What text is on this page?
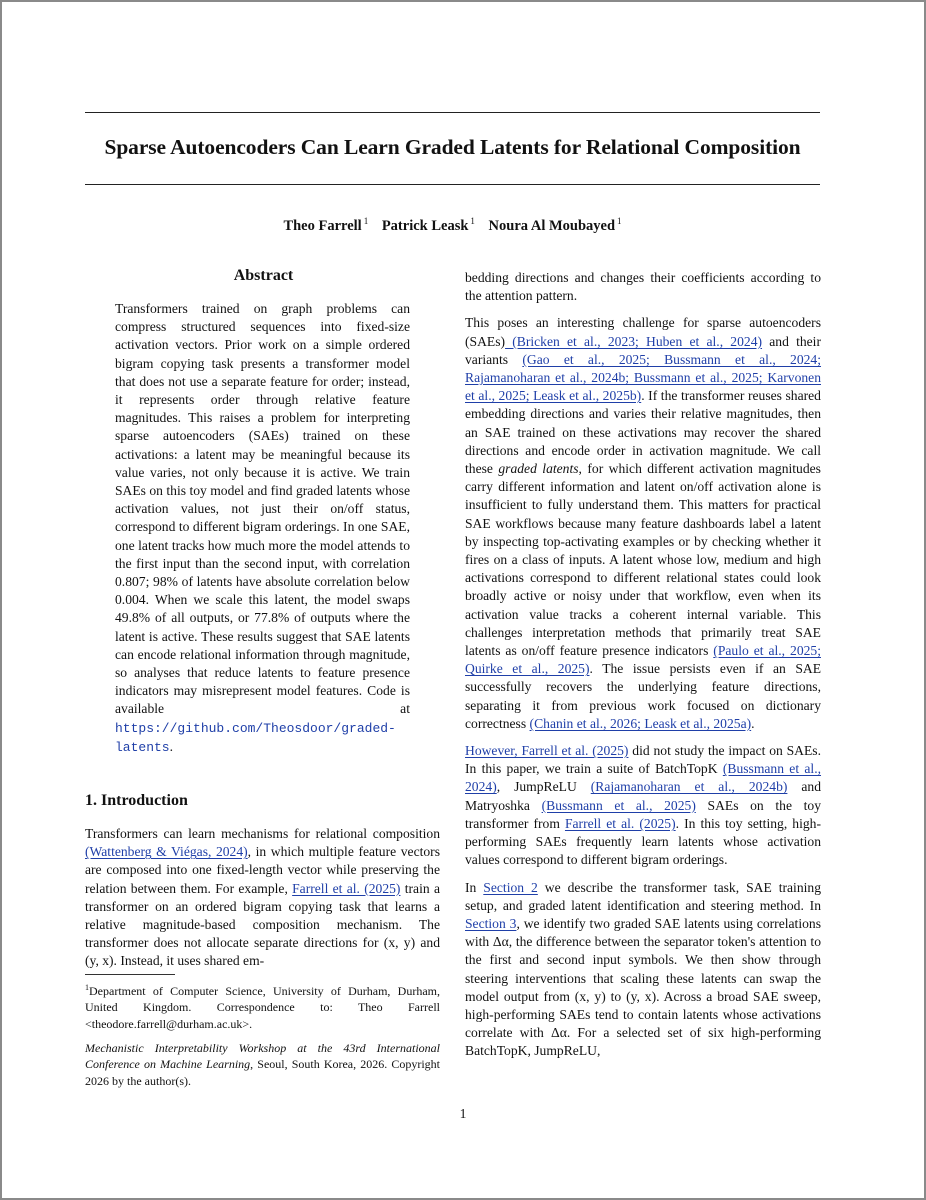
Sparse Autoencoders Can Learn Graded Latents for Relational Composition
Theo Farrell $^1$ Patrick Leask $^1$ Noura Al Moubayed $^1$
Abstract
Transformers trained on graph problems can compress structured sequences into fixed-size activation vectors. Prior work on a simple ordered bigram copying task presents a transformer model that does not use a separate feature for order; instead, it represents order through relative feature magnitudes. This raises a problem for interpreting sparse autoencoders (SAEs) trained on these activations: a latent may be meaningful because its value varies, not only because it is active. We train SAEs on this toy model and find graded latents whose activation values, not just their on/off status, correspond to different bigram orderings. In one SAE, one latent tracks how much more the model attends to the first input than the second input, with correlation 0.807; 98% of latents have absolute correlation below 0.004. When we scale this latent, the model swaps 49.8% of all outputs, or 77.8% of outputs where the latent is active. These results suggest that SAE latents can encode relational information through magnitude, so analyses that reduce latents to feature presence indicators may misrepresent model features. Code is available at https://github.com/Theosdoor/graded-latents.
1. Introduction
Transformers can learn mechanisms for relational composition (Wattenberg & Viégas, 2024), in which multiple feature vectors are composed into one fixed-length vector while preserving the relation between them. For example, Farrell et al. (2025) train a transformer on an ordered bigram copying task that learns a relative magnitude-based composition mechanism. The transformer does not allocate separate directions for (x, y) and (y, x). Instead, it uses shared em-
$^1$Department of Computer Science, University of Durham, Durham, United Kingdom. Correspondence to: Theo Farrell <theodore.farrell@durham.ac.uk>.
Mechanistic Interpretability Workshop at the 43rd International Conference on Machine Learning, Seoul, South Korea, 2026. Copyright 2026 by the author(s).

bedding directions and changes their coefficients according to the attention pattern.

This poses an interesting challenge for sparse autoencoders (SAEs) (Bricken et al., 2023; Huben et al., 2024) and their variants (Gao et al., 2025; Bussmann et al., 2024; Rajamanoharan et al., 2024b; Bussmann et al., 2025; Karvonen et al., 2025; Leask et al., 2025b). If the transformer reuses shared embedding directions and varies their relative magnitudes, then an SAE trained on these activations may recover the shared directions and encode order in activation magnitude. We call these graded latents, for which different activation magnitudes carry different information and latent on/off activation alone is insufficient to fully understand them. This matters for practical SAE workflows because many feature dashboards label a latent by inspecting top-activating examples or by checking whether it fires on a class of inputs. A latent whose low, medium and high activations correspond to different relational states could look broadly active or noisy under that workflow, even when its activation value tracks a coherent internal variable. This challenges interpretation methods that primarily treat SAE latents as on/off feature presence indicators (Paulo et al., 2025; Quirke et al., 2025). The issue persists even if an SAE successfully recovers the underlying feature directions, separating it from previous work focused on dictionary correctness (Chanin et al., 2026; Leask et al., 2025a).

However, Farrell et al. (2025) did not study the impact on SAEs. In this paper, we train a suite of BatchTopK (Bussmann et al., 2024), JumpReLU (Rajamanoharan et al., 2024b) and Matryoshka (Bussmann et al., 2025) SAEs on the toy transformer from Farrell et al. (2025). In this toy setting, high-performing SAEs frequently learn latents whose activation values correspond to different bigram orderings.

In Section 2 we describe the transformer task, SAE training setup, and graded latent identification and steering method. In Section 3, we identify two graded SAE latents using correlations with Δα, the difference between the separator token's attention to the first and second input symbols. We then show through steering interventions that scaling these latents can swap the model output from (x, y) to (y, x). Across a broad SAE sweep, high-performing SAEs tend to contain latents whose activations correlate with Δα. For a selected set of six high-performing BatchTopK, JumpReLU,

1
